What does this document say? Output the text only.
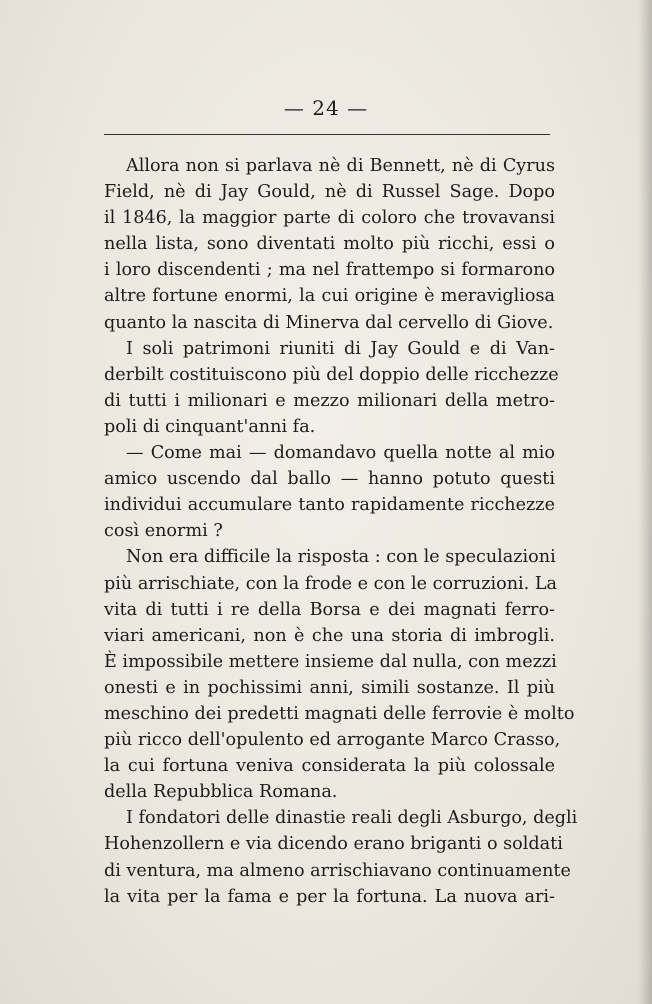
— 24 —
Allora non si parlava nè di Bennett, nè di Cyrus
Field, nè di Jay Gould, nè di Russel Sage. Dopo
il 1846, la maggior parte di coloro che trovavansi
nella lista, sono diventati molto più ricchi, essi o
i loro discendenti ; ma nel frattempo si formarono
altre fortune enormi, la cui origine è meravigliosa
quanto la nascita di Minerva dal cervello di Giove.
I soli patrimoni riuniti di Jay Gould e di Van-
derbilt costituiscono più del doppio delle ricchezze
di tutti i milionari e mezzo milionari della metro-
poli di cinquant'anni fa.
— Come mai — domandavo quella notte al mio
amico uscendo dal ballo — hanno potuto questi
individui accumulare tanto rapidamente ricchezze
così enormi ?
Non era difficile la risposta : con le speculazioni
più arrischiate, con la frode e con le corruzioni. La
vita di tutti i re della Borsa e dei magnati ferro-
viari americani, non è che una storia di imbrogli.
È impossibile mettere insieme dal nulla, con mezzi
onesti e in pochissimi anni, simili sostanze. Il più
meschino dei predetti magnati delle ferrovie è molto
più ricco dell'opulento ed arrogante Marco Crasso,
la cui fortuna veniva considerata la più colossale
della Repubblica Romana.
I fondatori delle dinastie reali degli Asburgo, degli
Hohenzollern e via dicendo erano briganti o soldati
di ventura, ma almeno arrischiavano continuamente
la vita per la fama e per la fortuna. La nuova ari-
